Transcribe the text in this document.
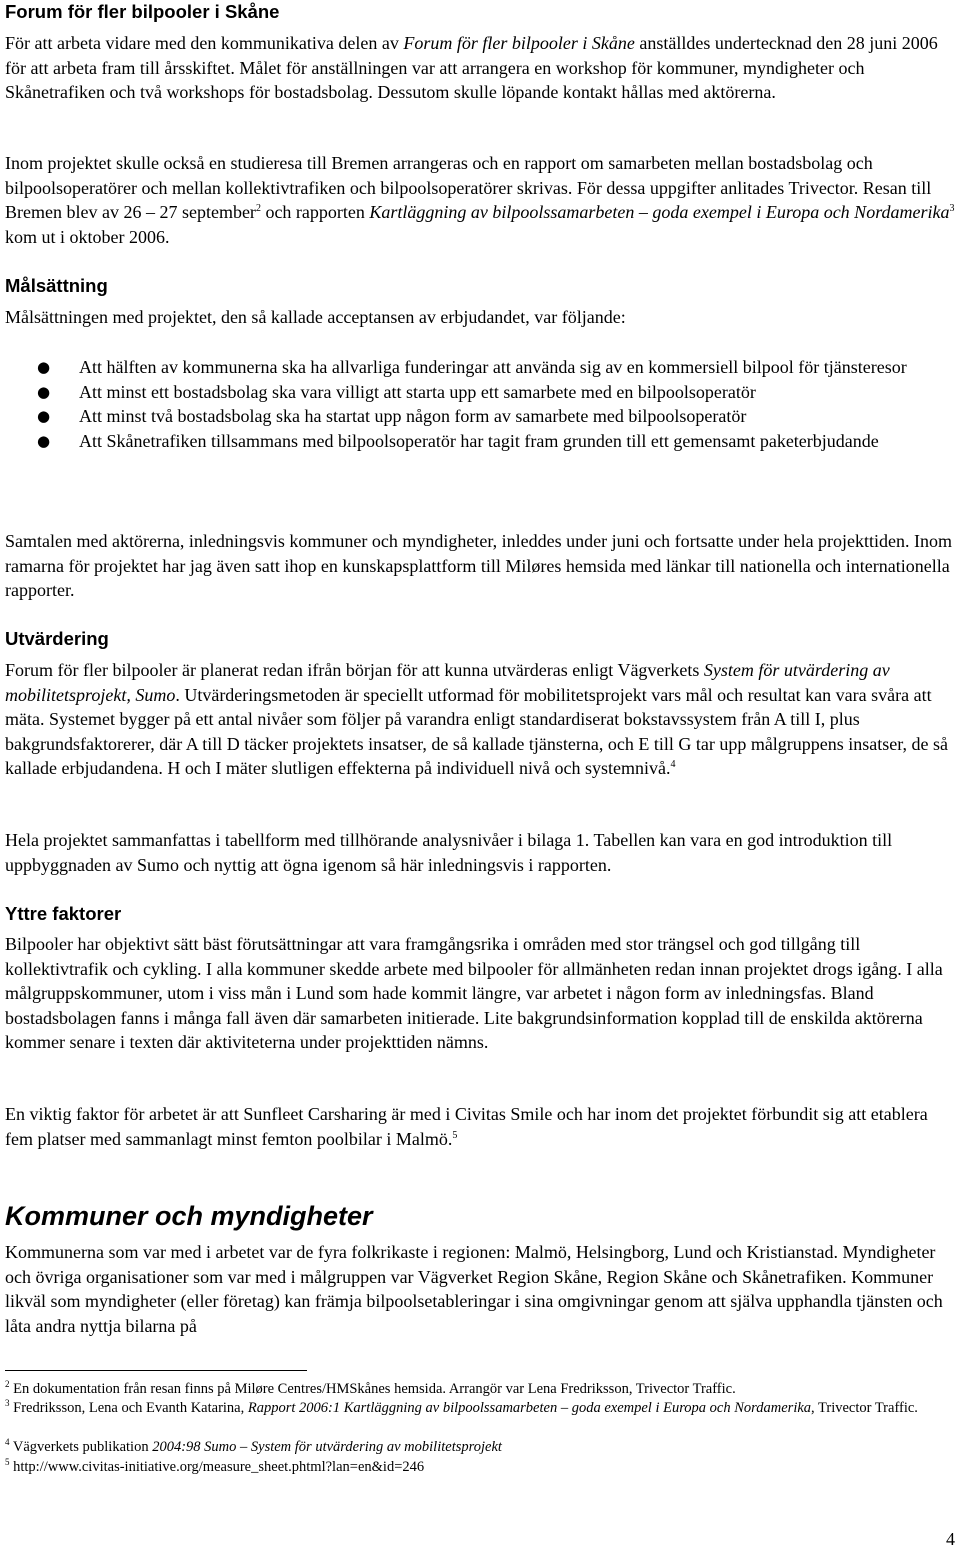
Forum för fler bilpooler i Skåne

För att arbeta vidare med den kommunikativa delen av Forum för fler bilpooler i Skåne anställdes undertecknad den 28 juni 2006 för att arbeta fram till årsskiftet. Målet för anställningen var att arrangera en workshop för kommuner, myndigheter och Skånetrafiken och två workshops för bostadsbolag. Dessutom skulle löpande kontakt hållas med aktörerna.

Inom projektet skulle också en studieresa till Bremen arrangeras och en rapport om samarbeten mellan bostadsbolag och bilpoolsoperatörer och mellan kollektivtrafiken och bilpoolsoperatörer skrivas. För dessa uppgifter anlitades Trivector. Resan till Bremen blev av 26 – 27 september$^2$ och rapporten Kartläggning av bilpoolssamarbeten – goda exempel i Europa och Nordamerika$^3$ kom ut i oktober 2006.

Målsättning

Målsättningen med projektet, den så kallade acceptansen av erbjudandet, var följande:

● Att hälften av kommunerna ska ha allvarliga funderingar att använda sig av en kommersiell bilpool för tjänsteresor
● Att minst ett bostadsbolag ska vara villigt att starta upp ett samarbete med en bilpoolsoperatör
● Att minst två bostadsbolag ska ha startat upp någon form av samarbete med bilpoolsoperatör
● Att Skånetrafiken tillsammans med bilpoolsoperatör har tagit fram grunden till ett gemensamt paketerbjudande

Samtalen med aktörerna, inledningsvis kommuner och myndigheter, inleddes under juni och fortsatte under hela projekttiden. Inom ramarna för projektet har jag även satt ihop en kunskapsplattform till Miløres hemsida med länkar till nationella och internationella rapporter.

Utvärdering

Forum för fler bilpooler är planerat redan ifrån början för att kunna utvärderas enligt Vägverkets System för utvärdering av mobilitetsprojekt, Sumo. Utvärderingsmetoden är speciellt utformad för mobilitetsprojekt vars mål och resultat kan vara svåra att mäta. Systemet bygger på ett antal nivåer som följer på varandra enligt standardiserat bokstavssystem från A till I, plus bakgrundsfaktorerer, där A till D täcker projektets insatser, de så kallade tjänsterna, och E till G tar upp målgruppens insatser, de så kallade erbjudandena. H och I mäter slutligen effekterna på individuell nivå och systemnivå.$^4$

Hela projektet sammanfattas i tabellform med tillhörande analysnivåer i bilaga 1. Tabellen kan vara en god introduktion till uppbyggnaden av Sumo och nyttig att ögna igenom så här inledningsvis i rapporten.

Yttre faktorer

Bilpooler har objektivt sätt bäst förutsättningar att vara framgångsrika i områden med stor trängsel och god tillgång till kollektivtrafik och cykling. I alla kommuner skedde arbete med bilpooler för allmänheten redan innan projektet drogs igång. I alla målgruppskommuner, utom i viss mån i Lund som hade kommit längre, var arbetet i någon form av inledningsfas. Bland bostadsbolagen fanns i många fall även där samarbeten initierade. Lite bakgrundsinformation kopplad till de enskilda aktörerna kommer senare i texten där aktiviteterna under projekttiden nämns.

En viktig faktor för arbetet är att Sunfleet Carsharing är med i Civitas Smile och har inom det projektet förbundit sig att etablera fem platser med sammanlagt minst femton poolbilar i Malmö.$^5$

Kommuner och myndigheter

Kommunerna som var med i arbetet var de fyra folkrikaste i regionen: Malmö, Helsingborg, Lund och Kristianstad. Myndigheter och övriga organisationer som var med i målgruppen var Vägverket Region Skåne, Region Skåne och Skånetrafiken. Kommuner likväl som myndigheter (eller företag) kan främja bilpoolsetableringar i sina omgivningar genom att själva upphandla tjänsten och låta andra nyttja bilarna på

$^2$ En dokumentation från resan finns på Miløre Centres/HMSkånes hemsida. Arrangör var Lena Fredriksson, Trivector Traffic.
$^3$ Fredriksson, Lena och Evanth Katarina, Rapport 2006:1 Kartläggning av bilpoolssamarbeten – goda exempel i Europa och Nordamerika, Trivector Traffic.
$^4$ Vägverkets publikation 2004:98 Sumo – System för utvärdering av mobilitetsprojekt
$^5$ http://www.civitas-initiative.org/measure_sheet.phtml?lan=en&id=246
4
